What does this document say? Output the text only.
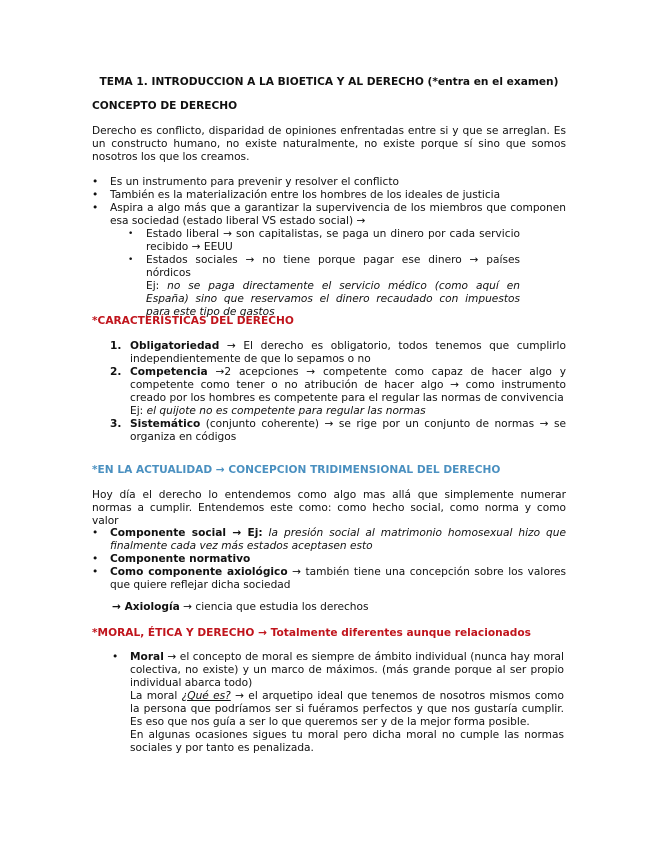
TEMA 1. INTRODUCCION A LA BIOETICA Y AL DERECHO (*entra en el examen)
CONCEPTO DE DERECHO
Derecho es conflicto, disparidad de opiniones enfrentadas entre si y que se arreglan. Es un constructo humano, no existe naturalmente, no existe porque sí sino que somos nosotros los que los creamos.
• Es un instrumento para prevenir y resolver el conflicto
• También es la materialización entre los hombres de los ideales de justicia
• Aspira a algo más que a garantizar la supervivencia de los miembros que componen esa sociedad (estado liberal VS estado social) →
• Estado liberal → son capitalistas, se paga un dinero por cada servicio recibido → EEUU
• Estados sociales → no tiene porque pagar ese dinero → países nórdicos
Ej: no se paga directamente el servicio médico (como aquí en España) sino que reservamos el dinero recaudado con impuestos para este tipo de gastos
*CARACTERÍSTICAS DEL DERECHO
1. Obligatoriedad → El derecho es obligatorio, todos tenemos que cumplirlo independientemente de que lo sepamos o no
2. Competencia →2 acepciones → competente como capaz de hacer algo y competente como tener o no atribución de hacer algo → como instrumento creado por los hombres es competente para el regular las normas de convivencia
Ej: el quijote no es competente para regular las normas
3. Sistemático (conjunto coherente) → se rige por un conjunto de normas → se organiza en códigos
*EN LA ACTUALIDAD → CONCEPCION TRIDIMENSIONAL DEL DERECHO
Hoy día el derecho lo entendemos como algo mas allá que simplemente numerar normas a cumplir. Entendemos este como: como hecho social, como norma y como valor
• Componente social → Ej: la presión social al matrimonio homosexual hizo que finalmente cada vez más estados aceptasen esto
• Componente normativo
• Como componente axiológico → también tiene una concepción sobre los valores que quiere reflejar dicha sociedad
→ Axiología → ciencia que estudia los derechos
*MORAL, ÉTICA Y DERECHO → Totalmente diferentes aunque relacionados
• Moral → el concepto de moral es siempre de ámbito individual (nunca hay moral colectiva, no existe) y un marco de máximos. (más grande porque al ser propio individual abarca todo)
La moral ¿Qué es? → el arquetipo ideal que tenemos de nosotros mismos como la persona que podríamos ser si fuéramos perfectos y que nos gustaría cumplir. Es eso que nos guía a ser lo que queremos ser y de la mejor forma posible.
En algunas ocasiones sigues tu moral pero dicha moral no cumple las normas sociales y por tanto es penalizada.
